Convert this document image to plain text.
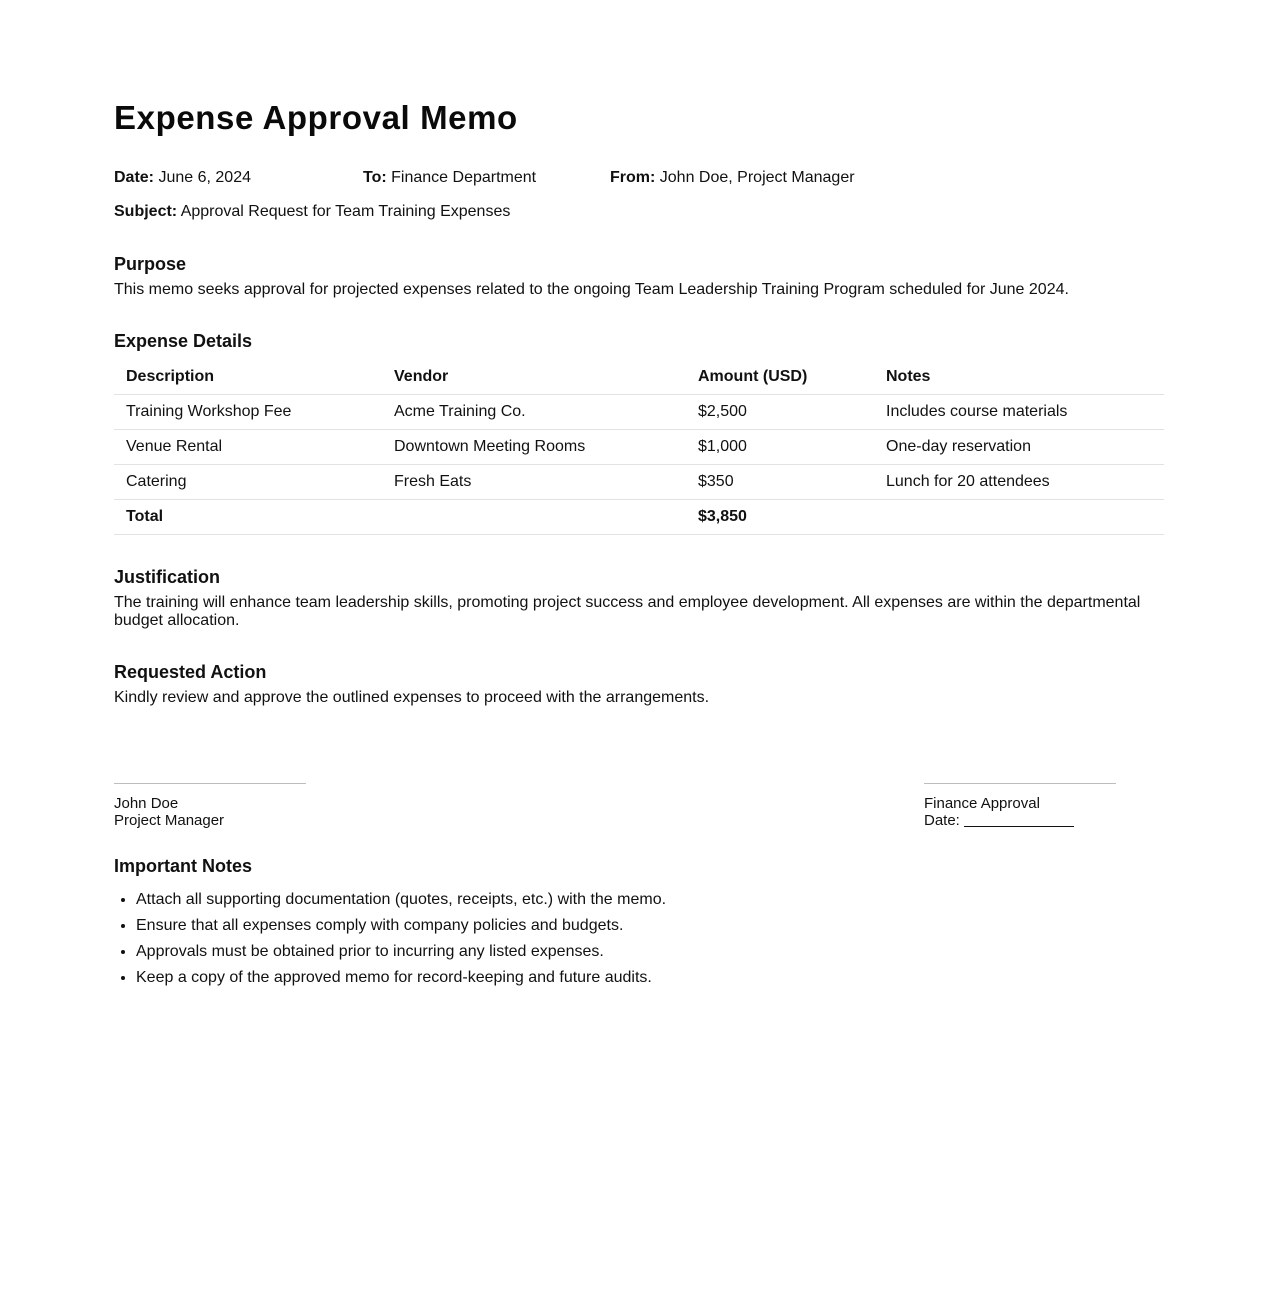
Expense Approval Memo
Date: June 6, 2024	To: Finance Department	From: John Doe, Project Manager
Subject: Approval Request for Team Training Expenses
Purpose

This memo seeks approval for projected expenses related to the ongoing Team Leadership Training Program scheduled for June 2024.

Expense Details
Description	Vendor	Amount (USD)	Notes
Training Workshop Fee	Acme Training Co.	$2,500	Includes course materials
Venue Rental	Downtown Meeting Rooms	$1,000	One-day reservation
Catering	Fresh Eats	$350	Lunch for 20 attendees
Total		$3,850	
Justification

The training will enhance team leadership skills, promoting project success and employee development. All expenses are within the departmental budget allocation.

Requested Action

Kindly review and approve the outlined expenses to proceed with the arrangements.

John Doe
Project Manager
Finance Approval
Date:
Important Notes
• Attach all supporting documentation (quotes, receipts, etc.) with the memo.
• Ensure that all expenses comply with company policies and budgets.
• Approvals must be obtained prior to incurring any listed expenses.
• Keep a copy of the approved memo for record-keeping and future audits.
